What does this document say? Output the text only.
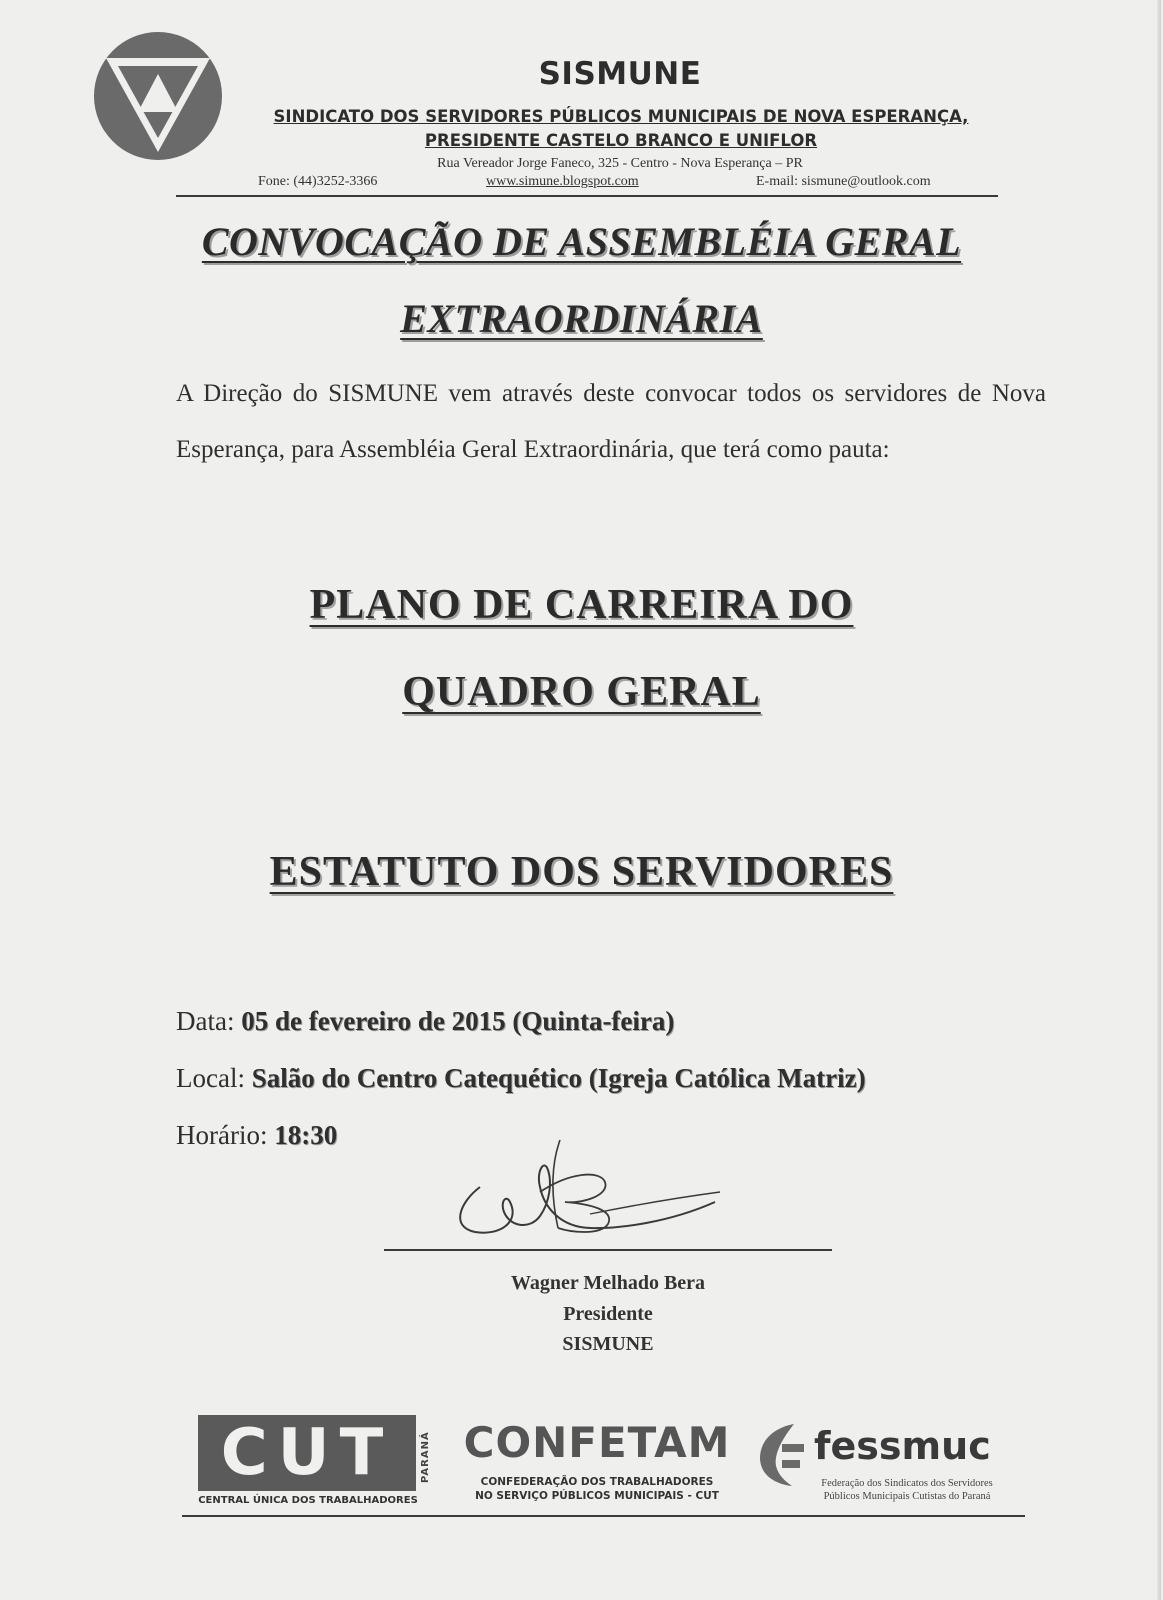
SISMUNE
SINDICATO DOS SERVIDORES PÚBLICOS MUNICIPAIS DE NOVA ESPERANÇA,
PRESIDENTE CASTELO BRANCO E UNIFLOR
Rua Vereador Jorge Faneco, 325 - Centro - Nova Esperança – PR
Fone: (44)3252-3366	www.simune.blogspot.com	E-mail: sismune@outlook.com
CONVOCAÇÃO DE ASSEMBLÉIA GERAL
EXTRAORDINÁRIA
A Direção do SISMUNE vem através deste convocar todos os servidores de Nova Esperança, para Assembléia Geral Extraordinária, que terá como pauta:
PLANO DE CARREIRA DO
QUADRO GERAL
ESTATUTO DOS SERVIDORES
Data: 05 de fevereiro de 2015 (Quinta-feira)
Local: Salão do Centro Catequético (Igreja Católica Matriz)
Horário: 18:30
Wagner Melhado Bera
Presidente
SISMUNE
CUT	PARANÁ
CENTRAL ÚNICA DOS TRABALHADORES
CONFETAM
CONFEDERAÇÃO DOS TRABALHADORES
NO SERVIÇO PÚBLICOS MUNICIPAIS - CUT
fessmuc
Federação dos Sindicatos dos Servidores
Públicos Municipais Cutistas do Paraná
